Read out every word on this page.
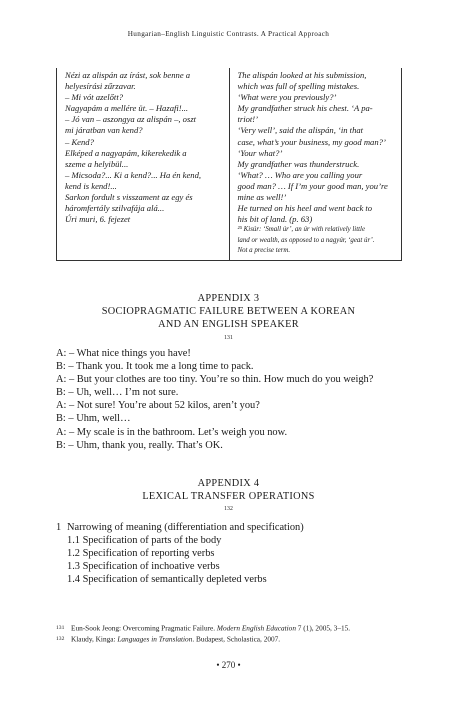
Hungarian–English Linguistic Contrasts. A Practical Approach
Nézi az alispán az írást, sok benne a
helyesírási zűrzavar.
– Mi vót azelőtt?
Nagyapám a mellére üt. – Hazafi!...
– Jó van – aszongya az alispán –, oszt
mi járatban van kend?
– Kend?
Elképed a nagyapám, kikerekedik a
szeme a helyibül...
– Micsoda?... Ki a kend?... Ha én kend,
kend is kend!...
Sarkon fordult s visszament az egy és
háromfertály szilvafája alá...
Úri muri, 6. fejezet

The alispán looked at his submission,
which was full of spelling mistakes.
‘What were you previously?’
My grandfather struck his chest. ‘A pa-
triot!’
‘Very well’, said the alispán, ‘in that
case, what’s your business, my good man?’
‘Your what?’
My grandfather was thunderstruck.
‘What? … Who are you calling your
good man? … If I’m your good man, you’re
mine as well!’
He turned on his heel and went back to
his bit of land. (p. 63)
²⁵ Kisúr: ‘Small úr’, an úr with relatively little
land or wealth, as opposed to a nagyúr, ‘geat úr’.
Not a precise term.
APPENDIX 3
SOCIOPRAGMATIC FAILURE BETWEEN A KOREAN
AND AN ENGLISH SPEAKER
$^{131}$
A: – What nice things you have!
B: – Thank you. It took me a long time to pack.
A: – But your clothes are too tiny. You’re so thin. How much do you weigh?
B: – Uh, well… I’m not sure.
A: – Not sure! You’re about 52 kilos, aren’t you?
B: – Uhm, well…
A: – My scale is in the bathroom. Let’s weigh you now.
B: – Uhm, thank you, really. That’s OK.
APPENDIX 4
LEXICAL TRANSFER OPERATIONS
$^{132}$
1 Narrowing of meaning (differentiation and specification)
1.1 Specification of parts of the body
1.2 Specification of reporting verbs
1.3 Specification of inchoative verbs
1.4 Specification of semantically depleted verbs
131 Eun-Sook Jeong: Overcoming Pragmatic Failure. Modern English Education 7 (1), 2005, 3–15.
132 Klaudy, Kinga: Languages in Translation. Budapest, Scholastica, 2007.
• 270 •
